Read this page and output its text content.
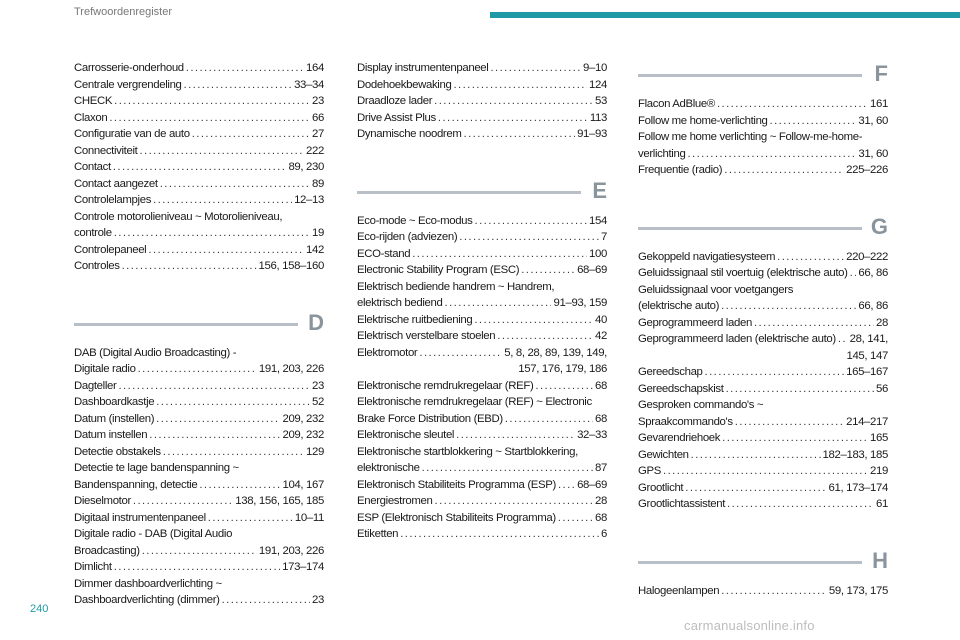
Trefwoordenregister
Carrosserie-onderhoud .....	164
Centrale vergrendeling .....	33–34
CHECK .....	23
Claxon .....	66
Configuratie van de auto .....	27
Connectiviteit .....	222
Contact .....	89, 230
Contact aangezet .....	89
Controlelampjes .....	12–13
Controle motorolieniveau ~ Motorolieniveau,
controle .....	19
Controlepaneel .....	142
Controles .....	156, 158–160
D
DAB (Digital Audio Broadcasting) -
Digitale radio .....	191, 203, 226
Dagteller .....	23
Dashboardkastje .....	52
Datum (instellen) .....	209, 232
Datum instellen .....	209, 232
Detectie obstakels .....	129
Detectie te lage bandenspanning ~
Bandenspanning, detectie .....	104, 167
Dieselmotor .....	138, 156, 165, 185
Digitaal instrumentenpaneel .....	10–11
Digitale radio - DAB (Digital Audio
Broadcasting) .....	191, 203, 226
Dimlicht .....	173–174
Dimmer dashboardverlichting ~
Dashboardverlichting (dimmer) .....	23
Display instrumentenpaneel .....	9–10
Dodehoekbewaking .....	124
Draadloze lader .....	53
Drive Assist Plus .....	113
Dynamische noodrem .....	91–93
E
Eco-mode ~ Eco-modus .....	154
Eco-rijden (adviezen) .....	7
ECO-stand .....	100
Electronic Stability Program (ESC) .....	68–69
Elektrisch bediende handrem ~ Handrem,
elektrisch bediend .....	91–93, 159
Elektrische ruitbediening .....	40
Elektrisch verstelbare stoelen .....	42
Elektromotor .....	5, 8, 28, 89, 139, 149,
157, 176, 179, 186
Elektronische remdrukregelaar (REF) .....	68
Elektronische remdrukregelaar (REF) ~ Electronic
Brake Force Distribution (EBD) .....	68
Elektronische sleutel .....	32–33
Elektronische startblokkering ~ Startblokkering,
elektronische .....	87
Elektronisch Stabiliteits Programma (ESP) ..... 68–69
Energiestromen .....	28
ESP (Elektronisch Stabiliteits Programma) .....	68
Etiketten .....	6
F
Flacon AdBlue® .....	161
Follow me home-verlichting .....	31, 60
Follow me home verlichting ~ Follow-me-home-
verlichting .....	31, 60
Frequentie (radio) .....	225–226
G
Gekoppeld navigatiesysteem .....	220–222
Geluidssignaal stil voertuig (elektrische auto) ..... 66, 86
Geluidssignaal voor voetgangers
(elektrische auto) .....	66, 86
Geprogrammeerd laden .....	28
Geprogrammeerd laden (elektrische auto) ..... 28, 141,
145, 147
Gereedschap .....	165–167
Gereedschapskist .....	56
Gesproken commando's ~
Spraakcommando's .....	214–217
Gevarendriehoek .....	165
Gewichten .....	182–183, 185
GPS .....	219
Grootlicht .....	61, 173–174
Grootlichtassistent .....	61
H
Halogeenlampen .....	59, 173, 175
240
carmanualsonline.info
